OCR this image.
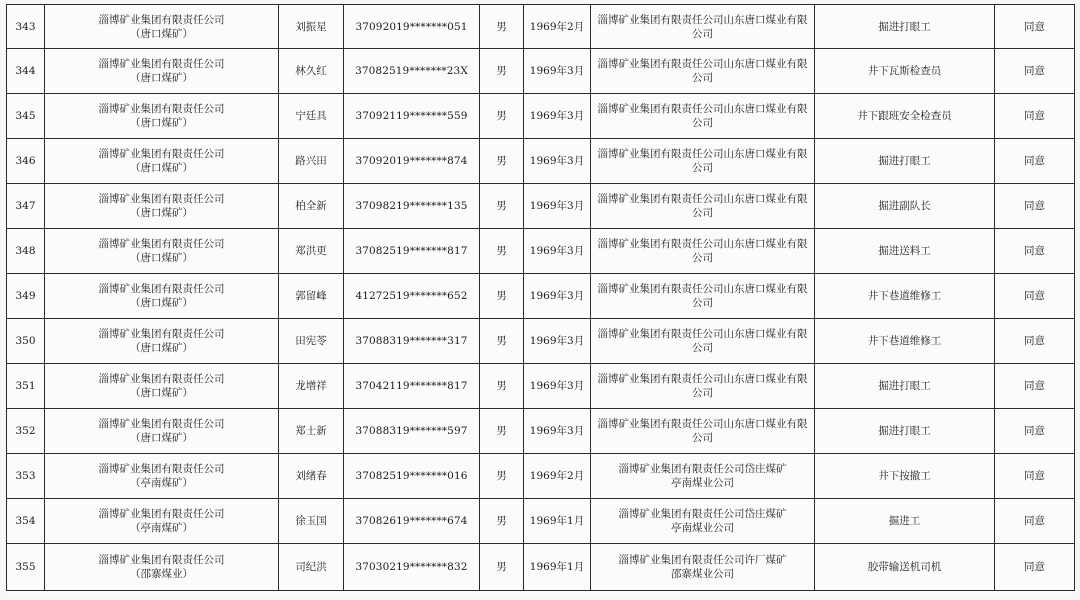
343	淄博矿业集团有限责任公司
（唐口煤矿）	刘振星	37092019*******051	男	1969年2月	淄博矿业集团有限责任公司山东唐口煤业有限
公司	掘进打眼工	同意
344	淄博矿业集团有限责任公司
（唐口煤矿）	林久红	37082519*******23X	男	1969年3月	淄博矿业集团有限责任公司山东唐口煤业有限
公司	井下瓦斯检查员	同意
345	淄博矿业集团有限责任公司
（唐口煤矿）	宁廷具	37092119*******559	男	1969年3月	淄博矿业集团有限责任公司山东唐口煤业有限
公司	井下跟班安全检查员	同意
346	淄博矿业集团有限责任公司
（唐口煤矿）	路兴田	37092019*******874	男	1969年3月	淄博矿业集团有限责任公司山东唐口煤业有限
公司	掘进打眼工	同意
347	淄博矿业集团有限责任公司
（唐口煤矿）	柏全新	37098219*******135	男	1969年3月	淄博矿业集团有限责任公司山东唐口煤业有限
公司	掘进副队长	同意
348	淄博矿业集团有限责任公司
（唐口煤矿）	郑洪更	37082519*******817	男	1969年3月	淄博矿业集团有限责任公司山东唐口煤业有限
公司	掘进送料工	同意
349	淄博矿业集团有限责任公司
（唐口煤矿）	郭留峰	41272519*******652	男	1969年3月	淄博矿业集团有限责任公司山东唐口煤业有限
公司	井下巷道维修工	同意
350	淄博矿业集团有限责任公司
（唐口煤矿）	田宪苓	37088319*******317	男	1969年3月	淄博矿业集团有限责任公司山东唐口煤业有限
公司	井下巷道维修工	同意
351	淄博矿业集团有限责任公司
（唐口煤矿）	龙增祥	37042119*******817	男	1969年3月	淄博矿业集团有限责任公司山东唐口煤业有限
公司	掘进打眼工	同意
352	淄博矿业集团有限责任公司
（唐口煤矿）	郑士新	37088319*******597	男	1969年3月	淄博矿业集团有限责任公司山东唐口煤业有限
公司	掘进打眼工	同意
353	淄博矿业集团有限责任公司
（亭南煤矿）	刘绪春	37082519*******016	男	1969年2月	淄博矿业集团有限责任公司岱庄煤矿
亭南煤业公司	井下按撤工	同意
354	淄博矿业集团有限责任公司
（亭南煤矿）	徐玉国	37082619*******674	男	1969年1月	淄博矿业集团有限责任公司岱庄煤矿
亭南煤业公司	掘进工	同意
355	淄博矿业集团有限责任公司
（邵寨煤业）	司纪洪	37030219*******832	男	1969年1月	淄博矿业集团有限责任公司许厂煤矿
邵寨煤业公司	胶带输送机司机	同意
